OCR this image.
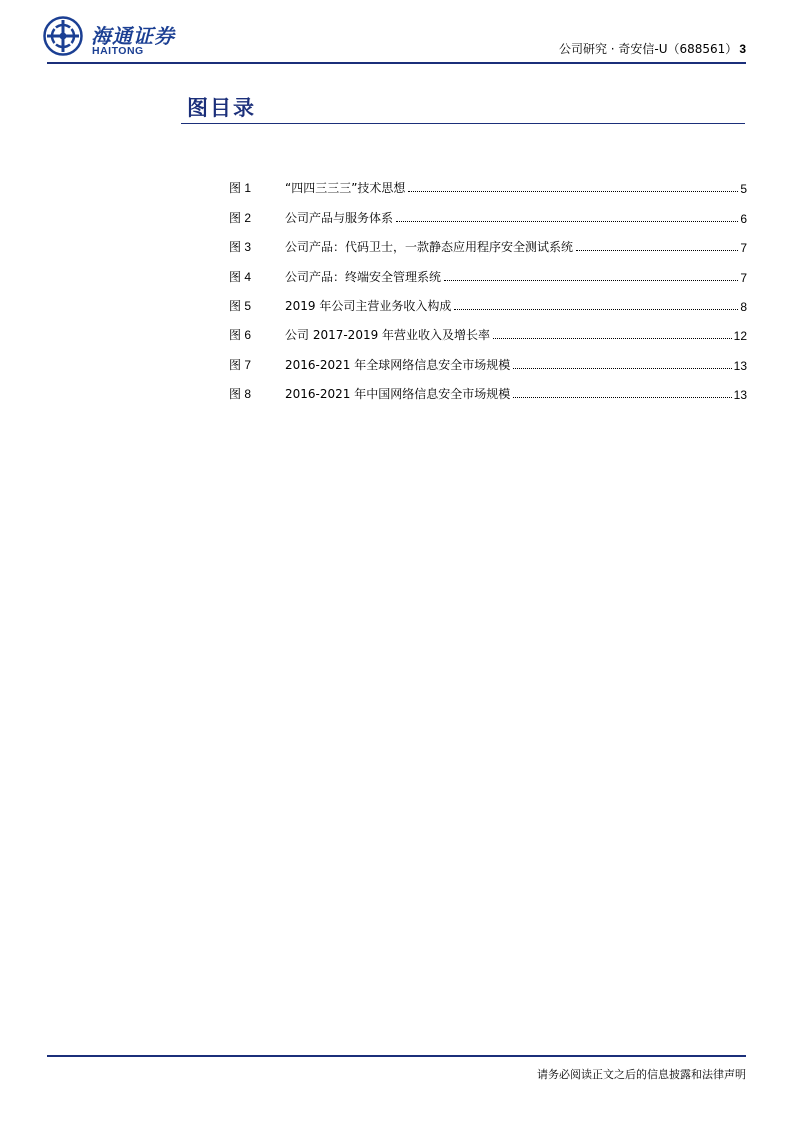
海通证券
HAITONG	公司研究 · 奇安信-U（688561） 3
图目录
图 1	“四四三三三”技术思想	5
图 2	公司产品与服务体系	6
图 3	公司产品：代码卫士，一款静态应用程序安全测试系统	7
图 4	公司产品：终端安全管理系统	7
图 5	2019 年公司主营业务收入构成	8
图 6	公司 2017-2019 年营业收入及增长率	12
图 7	2016-2021 年全球网络信息安全市场规模	13
图 8	2016-2021 年中国网络信息安全市场规模	13
请务必阅读正文之后的信息披露和法律声明
